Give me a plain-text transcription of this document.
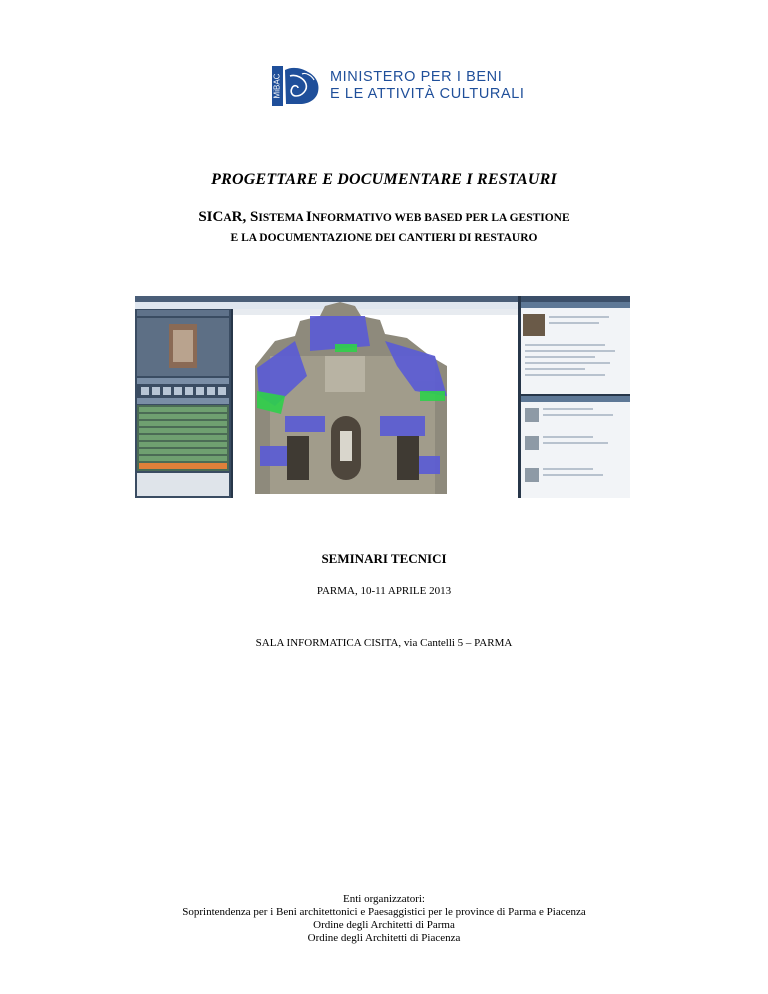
MiBAC	MINISTERO PER I BENI
E LE ATTIVITÀ CULTURALI
PROGETTARE E DOCUMENTARE I RESTAURI
SICAR, SISTEMA INFORMATIVO WEB BASED PER LA GESTIONE
E LA DOCUMENTAZIONE DEI CANTIERI DI RESTAURO
SEMINARI TECNICI
PARMA, 10-11 APRILE 2013
SALA INFORMATICA CISITA, via Cantelli 5 – PARMA
Enti organizzatori:
Soprintendenza per i Beni architettonici e Paesaggistici per le province di Parma e Piacenza
Ordine degli Architetti di Parma
Ordine degli Architetti di Piacenza
